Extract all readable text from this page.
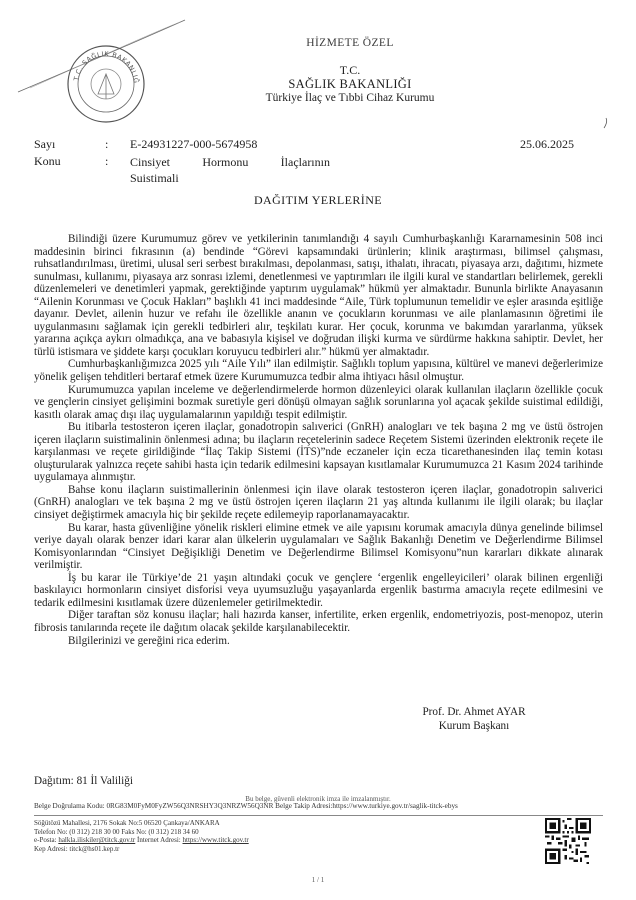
T.C. SAĞLIK BAKANLIĞ
HİZMETE ÖZEL
T.C.
SAĞLIK BAKANLIĞI
Türkiye İlaç ve Tıbbi Cihaz Kurumu
Sayı	: E-24931227-000-5674958	25.06.2025
Konu	: Cinsiyet	Hormonu	İlaçlarının
Suistimali
DAĞITIM YERLERİNE

Bilindiği üzere Kurumumuz görev ve yetkilerinin tanımlandığı 4 sayılı Cumhurbaşkanlığı Kararnamesinin 508 inci maddesinin birinci fıkrasının (a) bendinde “Görevi kapsamındaki ürünlerin; klinik araştırması, bilimsel çalışması, ruhsatlandırılması, üretimi, ulusal seri serbest bırakılması, depolanması, satışı, ithalatı, ihracatı, piyasaya arzı, dağıtımı, hizmete sunulması, kullanımı, piyasaya arz sonrası izlemi, denetlenmesi ve yaptırımları ile ilgili kural ve standartları belirlemek, gerekli düzenlemeleri ve denetimleri yapmak, gerektiğinde yaptırım uygulamak” hükmü yer almaktadır. Bununla birlikte Anayasanın “Ailenin Korunması ve Çocuk Hakları” başlıklı 41 inci maddesinde “Aile, Türk toplumunun temelidir ve eşler arasında eşitliğe dayanır. Devlet, ailenin huzur ve refahı ile özellikle ananın ve çocukların korunması ve aile planlamasının öğretimi ile uygulanmasını sağlamak için gerekli tedbirleri alır, teşkilatı kurar. Her çocuk, korunma ve bakımdan yararlanma, yüksek yararına açıkça aykırı olmadıkça, ana ve babasıyla kişisel ve doğrudan ilişki kurma ve sürdürme hakkına sahiptir. Devlet, her türlü istismara ve şiddete karşı çocukları koruyucu tedbirleri alır.” hükmü yer almaktadır.

Cumhurbaşkanlığımızca 2025 yılı “Aile Yılı” ilan edilmiştir. Sağlıklı toplum yapısına, kültürel ve manevi değerlerimize yönelik gelişen tehditleri bertaraf etmek üzere Kurumumuzca tedbir alma ihtiyacı hâsıl olmuştur.

Kurumumuzca yapılan inceleme ve değerlendirmelerde hormon düzenleyici olarak kullanılan ilaçların özellikle çocuk ve gençlerin cinsiyet gelişimini bozmak suretiyle geri dönüşü olmayan sağlık sorunlarına yol açacak şekilde suistimal edildiği, kasıtlı olarak amaç dışı ilaç uygulamalarının yapıldığı tespit edilmiştir.

Bu itibarla testosteron içeren ilaçlar, gonadotropin salıverici (GnRH) analogları ve tek başına 2 mg ve üstü östrojen içeren ilaçların suistimalinin önlenmesi adına; bu ilaçların reçetelerinin sadece Reçetem Sistemi üzerinden elektronik reçete ile karşılanması ve reçete girildiğinde “İlaç Takip Sistemi (İTS)”nde eczaneler için ecza ticarethanesinden ilaç temin kotası oluşturularak yalnızca reçete sahibi hasta için tedarik edilmesini kapsayan kısıtlamalar Kurumumuzca 21 Kasım 2024 tarihinde uygulamaya alınmıştır.

Bahse konu ilaçların suistimallerinin önlenmesi için ilave olarak testosteron içeren ilaçlar, gonadotropin salıverici (GnRH) analogları ve tek başına 2 mg ve üstü östrojen içeren ilaçların 21 yaş altında kullanımı ile ilgili olarak; bu ilaçlar cinsiyet değiştirmek amacıyla hiç bir şekilde reçete edilemeyip raporlanamayacaktır.

Bu karar, hasta güvenliğine yönelik riskleri elimine etmek ve aile yapısını korumak amacıyla dünya genelinde bilimsel veriye dayalı olarak benzer idari karar alan ülkelerin uygulamaları ve Sağlık Bakanlığı Denetim ve Değerlendirme Bilimsel Komisyonlarından “Cinsiyet Değişikliği Denetim ve Değerlendirme Bilimsel Komisyonu”nun kararları dikkate alınarak verilmiştir.

İş bu karar ile Türkiye’de 21 yaşın altındaki çocuk ve gençlere ‘ergenlik engelleyicileri’ olarak bilinen ergenliği baskılayıcı hormonların cinsiyet disforisi veya uyumsuzluğu yaşayanlarda ergenlik bastırma amacıyla reçete edilmesini ve tedarik edilmesini kısıtlamak üzere düzenlemeler getirilmektedir.

Diğer taraftan söz konusu ilaçlar; hali hazırda kanser, infertilite, erken ergenlik, endometriyozis, post-menopoz, uterin fibrosis tanılarında reçete ile dağıtım olacak şekilde karşılanabilecektir.

Bilgilerinizi ve gereğini rica ederim.

Prof. Dr. Ahmet AYAR
Kurum Başkanı
Dağıtım: 81 İl Valiliği
Bu belge, güvenli elektronik imza ile imzalanmıştır.
Belge Doğrulama Kodu: 0RG83M0FyM0FyZW56Q3NRSHY3Q3NRZW56Q3NR Belge Takip Adresi:https://www.turkiye.gov.tr/saglik-titck-ebys
Söğütözü Mahallesi, 2176 Sokak No:5 06520 Çankaya/ANKARA
Telefon No: (0 312) 218 30 00 Faks No: (0 312) 218 34 60
e-Posta: halkla.iliskiler@titck.gov.tr İnternet Adresi: https://www.titck.gov.tr
Kep Adresi: titck@hs01.kep.tr
1 / 1
